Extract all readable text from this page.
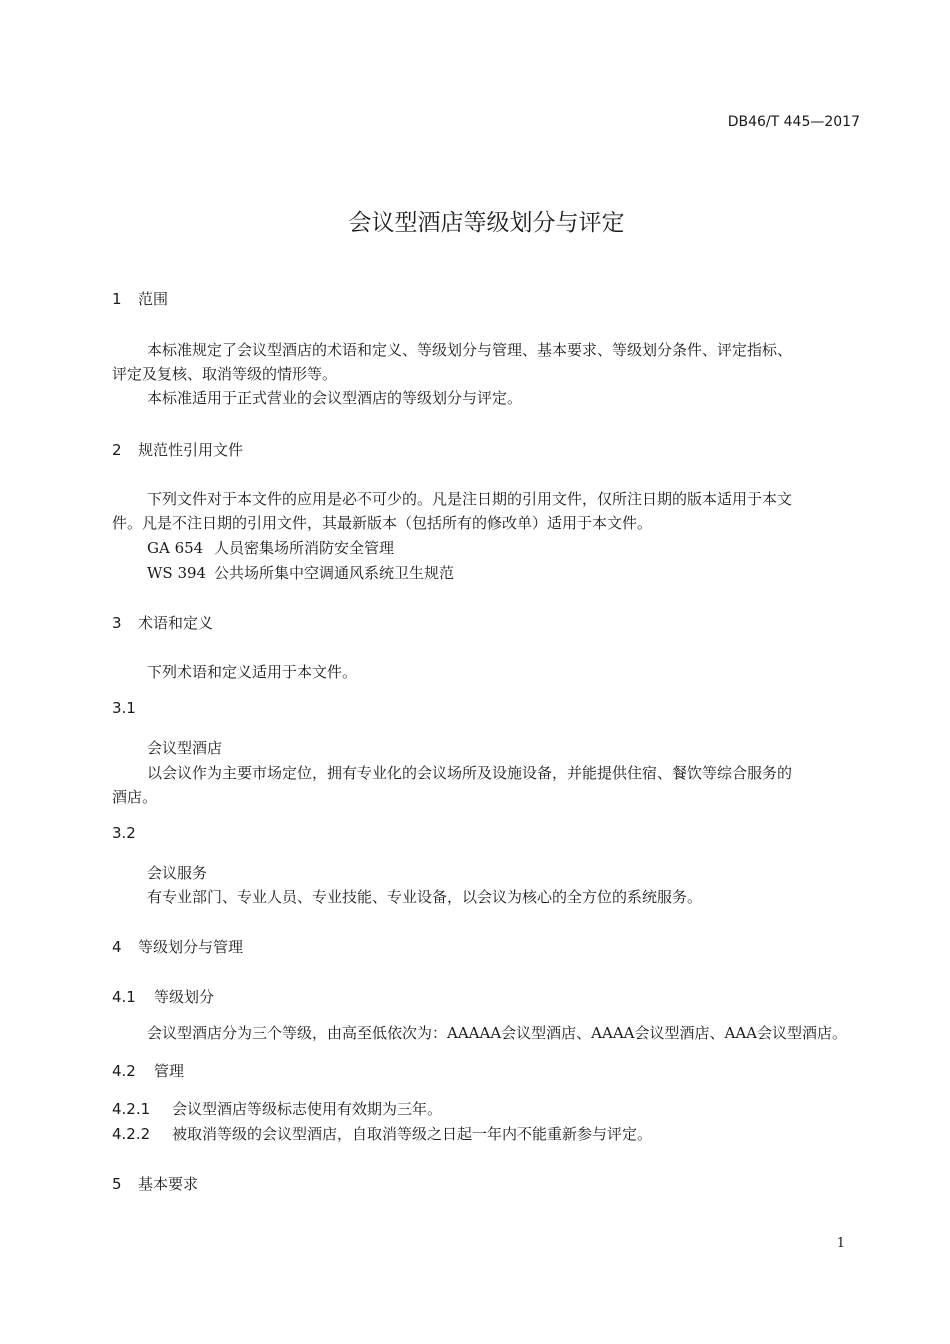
DB46/T 445—2017
会议型酒店等级划分与评定
1 范围
本标准规定了会议型酒店的术语和定义、等级划分与管理、基本要求、等级划分条件、评定指标、
评定及复核、取消等级的情形等。
本标准适用于正式营业的会议型酒店的等级划分与评定。
2 规范性引用文件
下列文件对于本文件的应用是必不可少的。凡是注日期的引用文件，仅所注日期的版本适用于本文
件。凡是不注日期的引用文件，其最新版本（包括所有的修改单）适用于本文件。
GA 654 人员密集场所消防安全管理
WS 394 公共场所集中空调通风系统卫生规范
3 术语和定义
下列术语和定义适用于本文件。
3.1
会议型酒店
以会议作为主要市场定位，拥有专业化的会议场所及设施设备，并能提供住宿、餐饮等综合服务的
酒店。
3.2
会议服务
有专业部门、专业人员、专业技能、专业设备，以会议为核心的全方位的系统服务。
4 等级划分与管理
4.1 等级划分
会议型酒店分为三个等级，由高至低依次为：AAAAA会议型酒店、AAAA会议型酒店、AAA会议型酒店。
4.2 管理
4.2.1 会议型酒店等级标志使用有效期为三年。
4.2.2 被取消等级的会议型酒店，自取消等级之日起一年内不能重新参与评定。
5 基本要求
1
